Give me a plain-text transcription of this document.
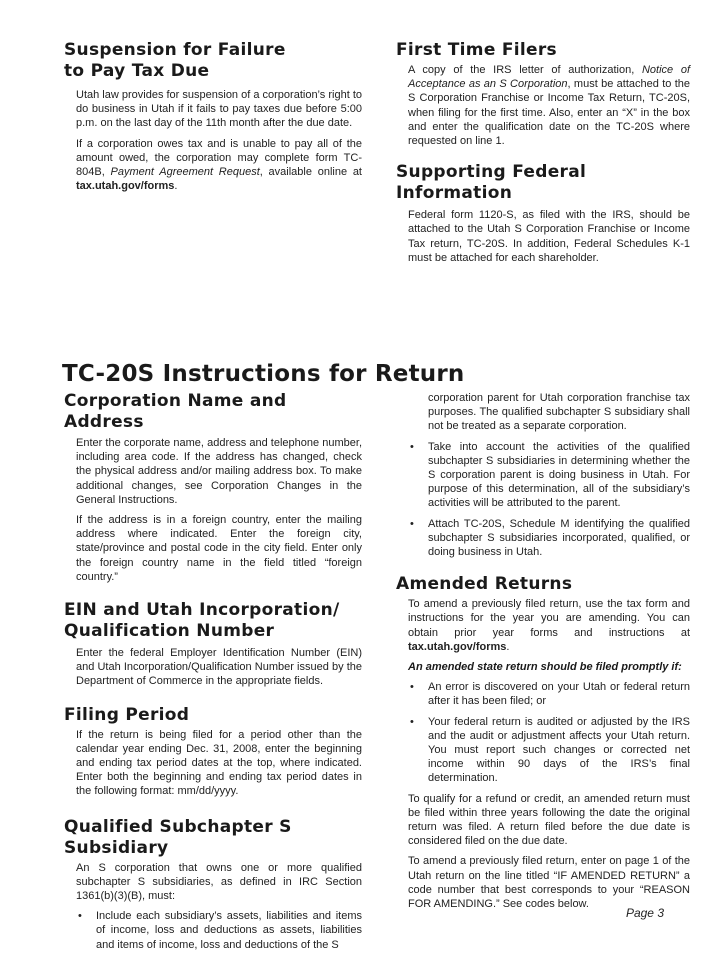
Suspension for Failure
to Pay Tax Due

Utah law provides for suspension of a corporation’s right to do business in Utah if it fails to pay taxes due before 5:00 p.m. on the last day of the 11th month after the due date.

If a corporation owes tax and is unable to pay all of the amount owed, the corporation may complete form TC-804B, Payment Agreement Request, available online at tax.utah.gov/forms.

First Time Filers

A copy of the IRS letter of authorization, Notice of Acceptance as an S Corporation, must be attached to the S Corporation Franchise or Income Tax Return, TC-20S, when filing for the first time. Also, enter an “X” in the box and enter the qualification date on the TC-20S where requested on line 1.

Supporting Federal
Information

Federal form 1120-S, as filed with the IRS, should be attached to the Utah S Corporation Franchise or Income Tax return, TC-20S. In addition, Federal Schedules K-1 must be attached for each shareholder.

TC-20S Instructions for Return
Corporation Name and Address

Enter the corporate name, address and telephone number, including area code. If the address has changed, check the physical address and/or mailing address box. To make additional changes, see Corporation Changes in the General Instructions.

If the address is in a foreign country, enter the mailing address where indicated. Enter the foreign city, state/province and postal code in the city field. Enter only the foreign country name in the field titled “foreign country.”

EIN and Utah Incorporation/
Qualification Number

Enter the federal Employer Identification Number (EIN) and Utah Incorporation/Qualification Number issued by the Department of Commerce in the appropriate fields.

Filing Period

If the return is being filed for a period other than the calendar year ending Dec. 31, 2008, enter the beginning and ending tax period dates at the top, where indicated. Enter both the beginning and ending tax period dates in the following format: mm/dd/yyyy.

Qualified Subchapter S
Subsidiary

An S corporation that owns one or more qualified subchapter S subsidiaries, as defined in IRC Section 1361(b)(3)(B), must:

• Include each subsidiary’s assets, liabilities and items of income, loss and deductions as assets, liabilities and items of income, loss and deductions of the S

corporation parent for Utah corporation franchise tax purposes. The qualified subchapter S subsidiary shall not be treated as a separate corporation.

• Take into account the activities of the qualified subchapter S subsidiaries in determining whether the S corporation parent is doing business in Utah. For purpose of this determination, all of the subsidiary’s activities will be attributed to the parent.

• Attach TC-20S, Schedule M identifying the qualified subchapter S subsidiaries incorporated, qualified, or doing business in Utah.

Amended Returns

To amend a previously filed return, use the tax form and instructions for the year you are amending. You can obtain prior year forms and instructions at tax.utah.gov/forms.

An amended state return should be filed promptly if:

• An error is discovered on your Utah or federal return after it has been filed; or

• Your federal return is audited or adjusted by the IRS and the audit or adjustment affects your Utah return. You must report such changes or corrected net income within 90 days of the IRS’s final determination.

To qualify for a refund or credit, an amended return must be filed within three years following the date the original return was filed. A return filed before the due date is considered filed on the due date.

To amend a previously filed return, enter on page 1 of the Utah return on the line titled “IF AMENDED RETURN” a code number that best corresponds to your “REASON FOR AMENDING.” See codes below.

Page 3
